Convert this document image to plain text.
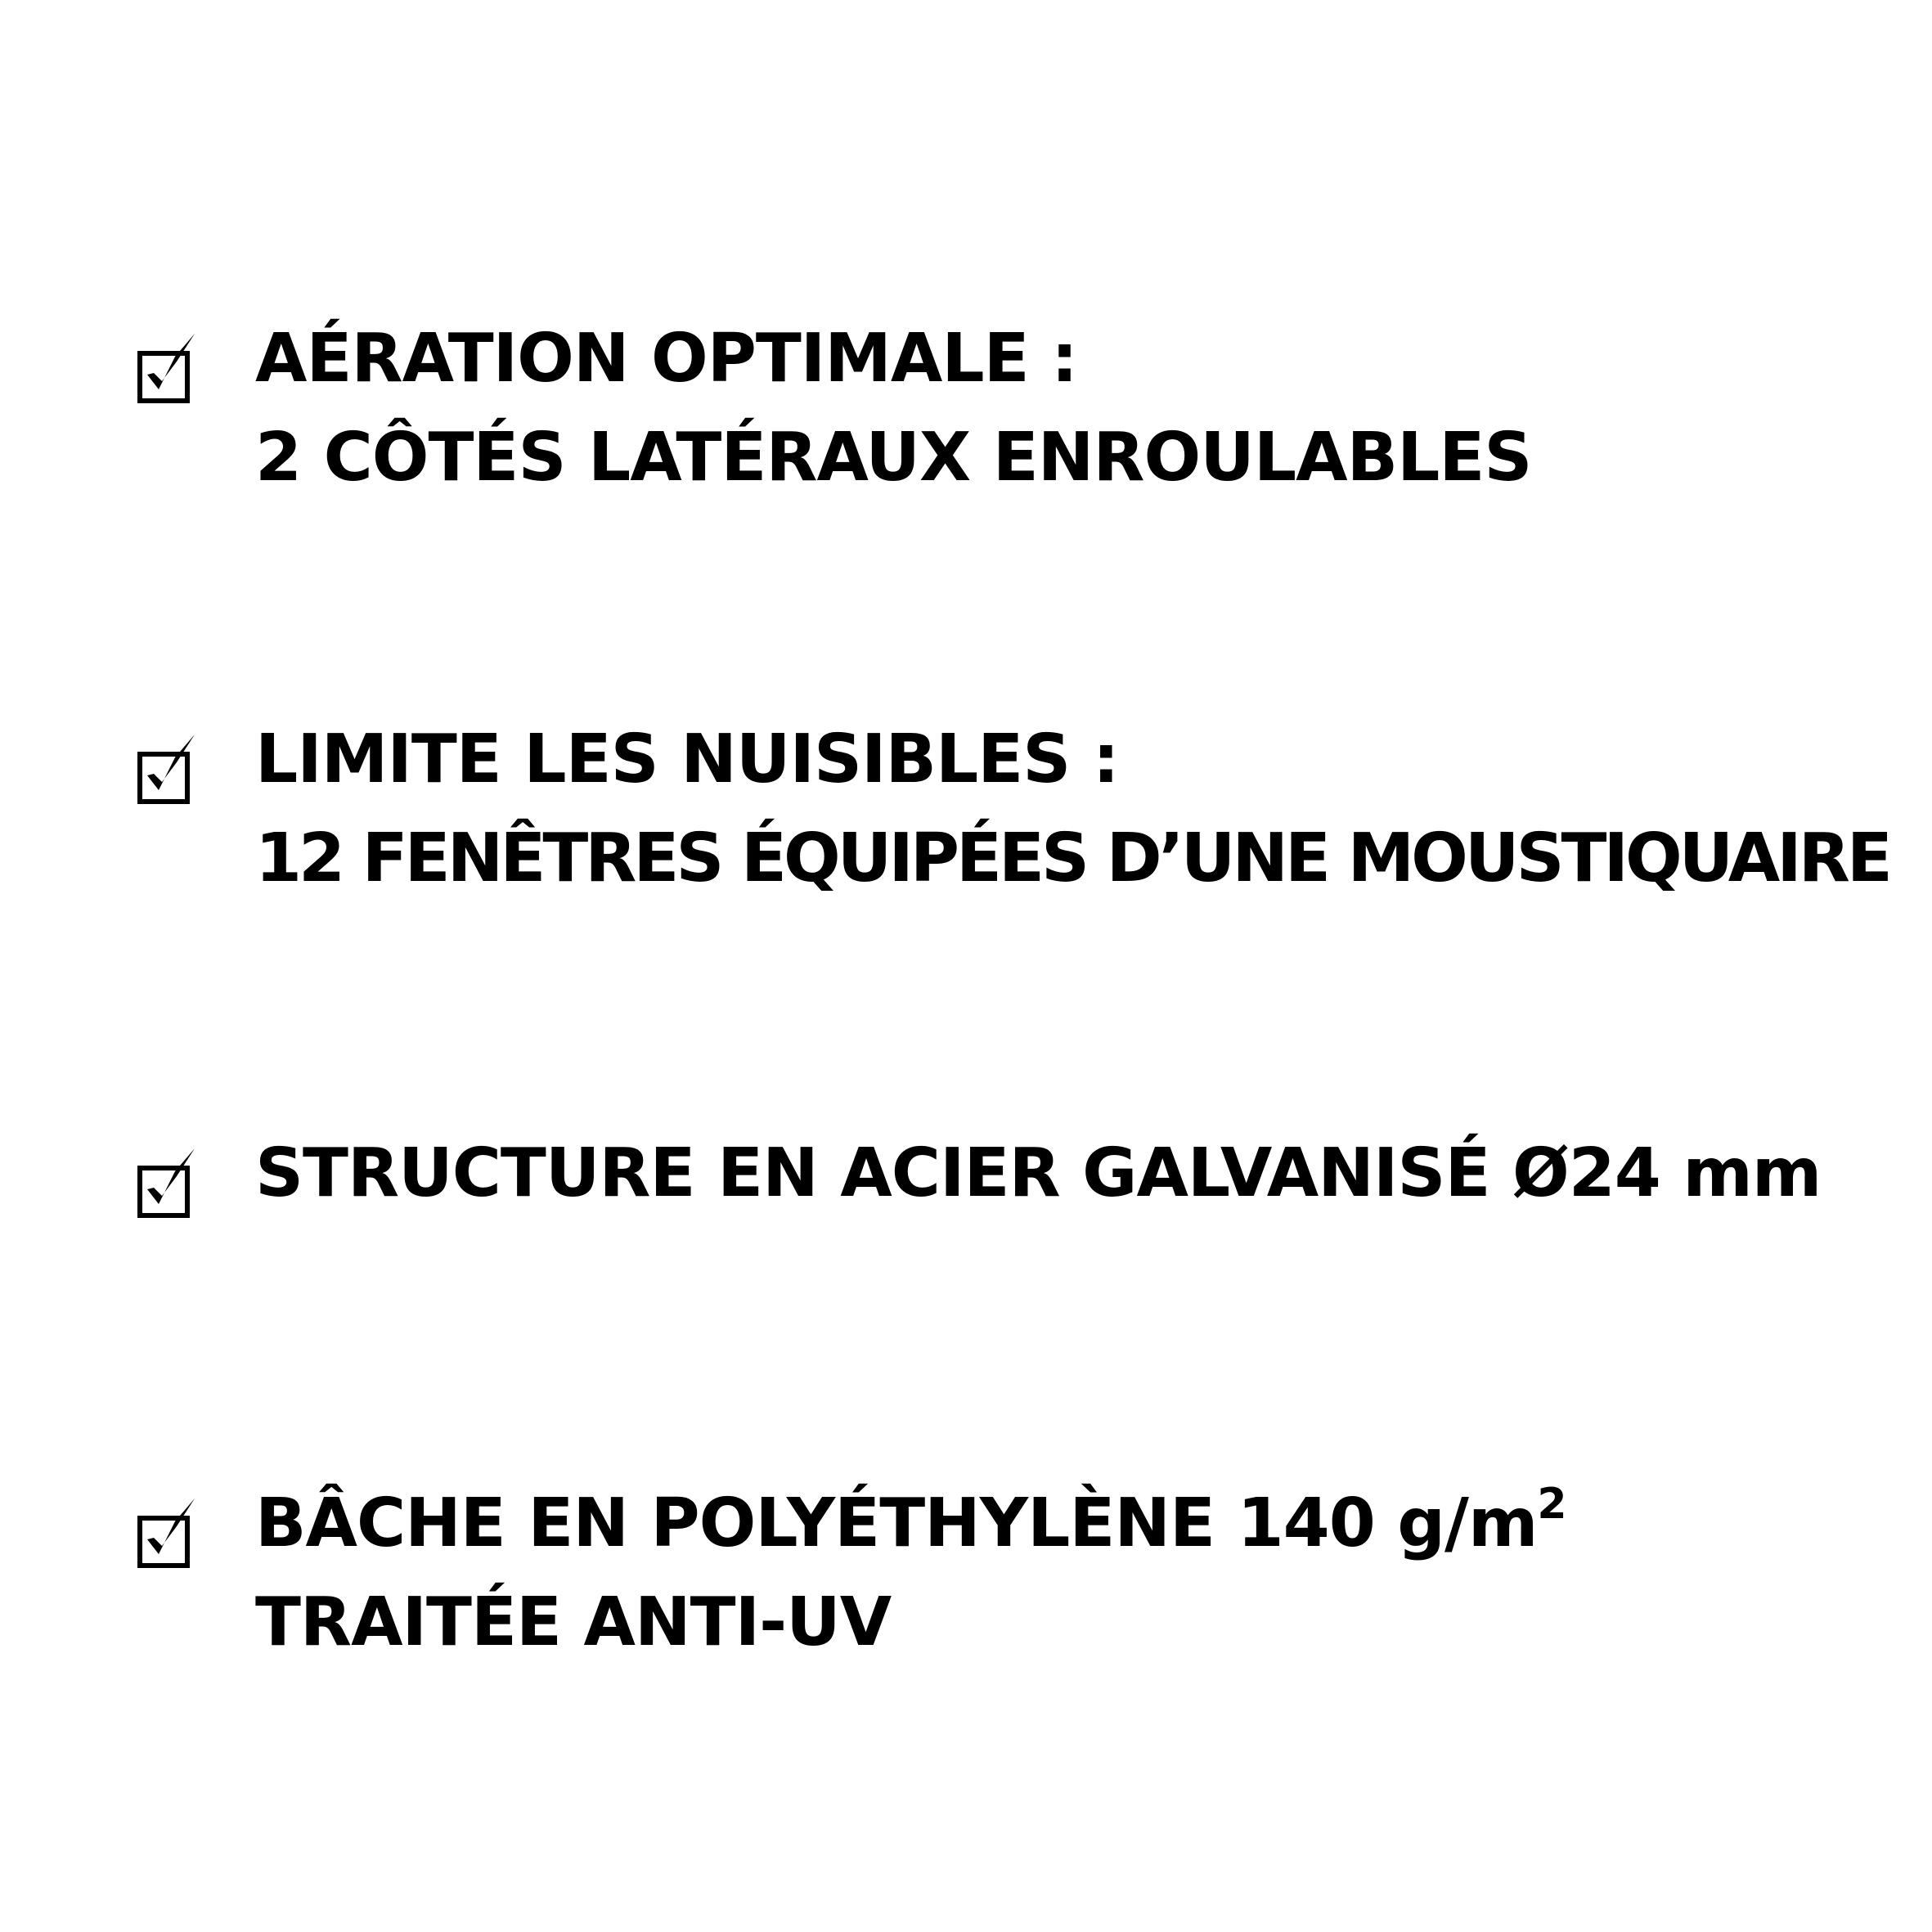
AÉRATION OPTIMALE :
2 CÔTÉS LATÉRAUX ENROULABLES
LIMITE LES NUISIBLES :
12 FENÊTRES ÉQUIPÉES D’UNE MOUSTIQUAIRE
STRUCTURE EN ACIER GALVANISÉ Ø24 mm
BÂCHE EN POLYÉTHYLÈNE 140 $g/m^2$
TRAITÉE ANTI-UV
